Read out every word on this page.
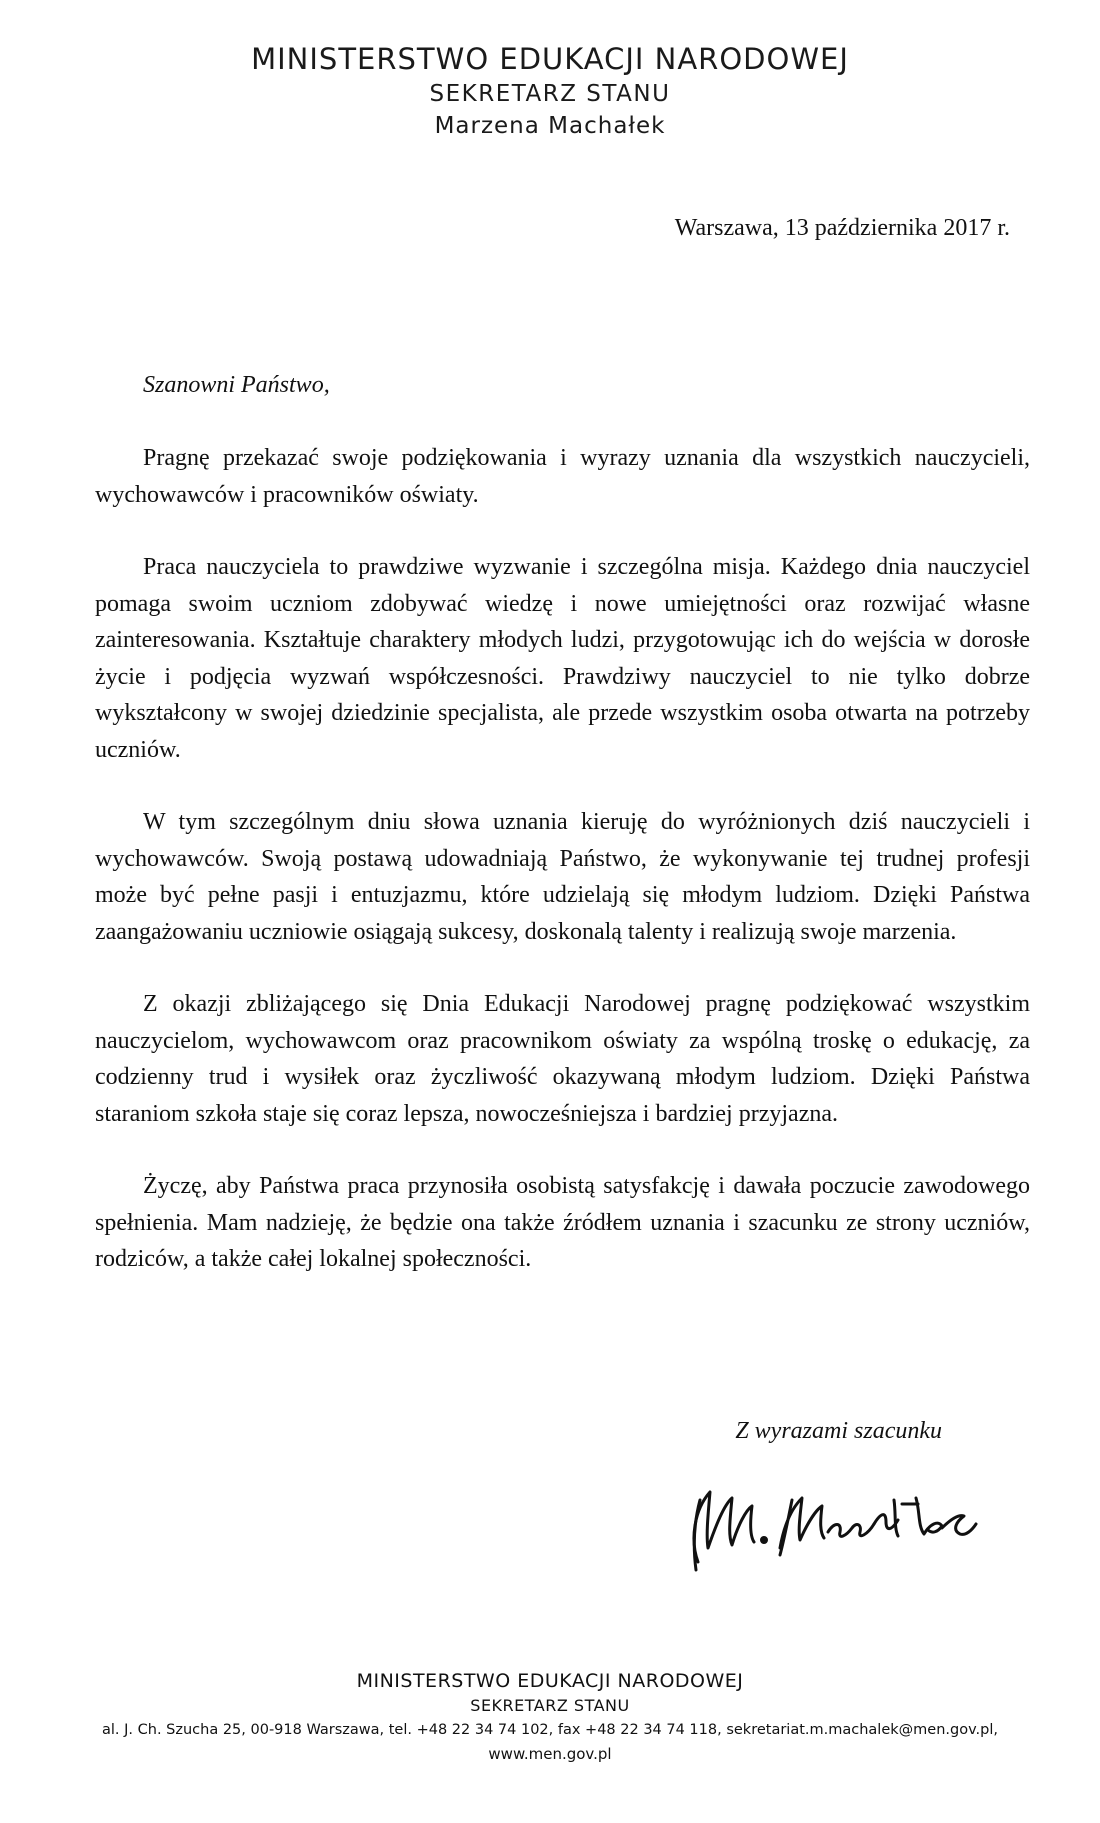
MINISTERSTWO EDUKACJI NARODOWEJ
SEKRETARZ STANU
Marzena Machałek
Warszawa, 13 października 2017 r.
Szanowni Państwo,

Pragnę przekazać swoje podziękowania i wyrazy uznania dla wszystkich nauczycieli, wychowawców i pracowników oświaty.

Praca nauczyciela to prawdziwe wyzwanie i szczególna misja. Każdego dnia nauczyciel pomaga swoim uczniom zdobywać wiedzę i nowe umiejętności oraz rozwijać własne zainteresowania. Kształtuje charaktery młodych ludzi, przygotowując ich do wejścia w dorosłe życie i podjęcia wyzwań współczesności. Prawdziwy nauczyciel to nie tylko dobrze wykształcony w swojej dziedzinie specjalista, ale przede wszystkim osoba otwarta na potrzeby uczniów.

W tym szczególnym dniu słowa uznania kieruję do wyróżnionych dziś nauczycieli i wychowawców. Swoją postawą udowadniają Państwo, że wykonywanie tej trudnej profesji może być pełne pasji i entuzjazmu, które udzielają się młodym ludziom. Dzięki Państwa zaangażowaniu uczniowie osiągają sukcesy, doskonalą talenty i realizują swoje marzenia.

Z okazji zbliżającego się Dnia Edukacji Narodowej pragnę podziękować wszystkim nauczycielom, wychowawcom oraz pracownikom oświaty za wspólną troskę o edukację, za codzienny trud i wysiłek oraz życzliwość okazywaną młodym ludziom. Dzięki Państwa staraniom szkoła staje się coraz lepsza, nowocześniejsza i bardziej przyjazna.

Życzę, aby Państwa praca przynosiła osobistą satysfakcję i dawała poczucie zawodowego spełnienia. Mam nadzieję, że będzie ona także źródłem uznania i szacunku ze strony uczniów, rodziców, a także całej lokalnej społeczności.

Z wyrazami szacunku
MINISTERSTWO EDUKACJI NARODOWEJ
SEKRETARZ STANU
al. J. Ch. Szucha 25, 00-918 Warszawa, tel. +48 22 34 74 102, fax +48 22 34 74 118, sekretariat.m.machalek@men.gov.pl,
www.men.gov.pl
